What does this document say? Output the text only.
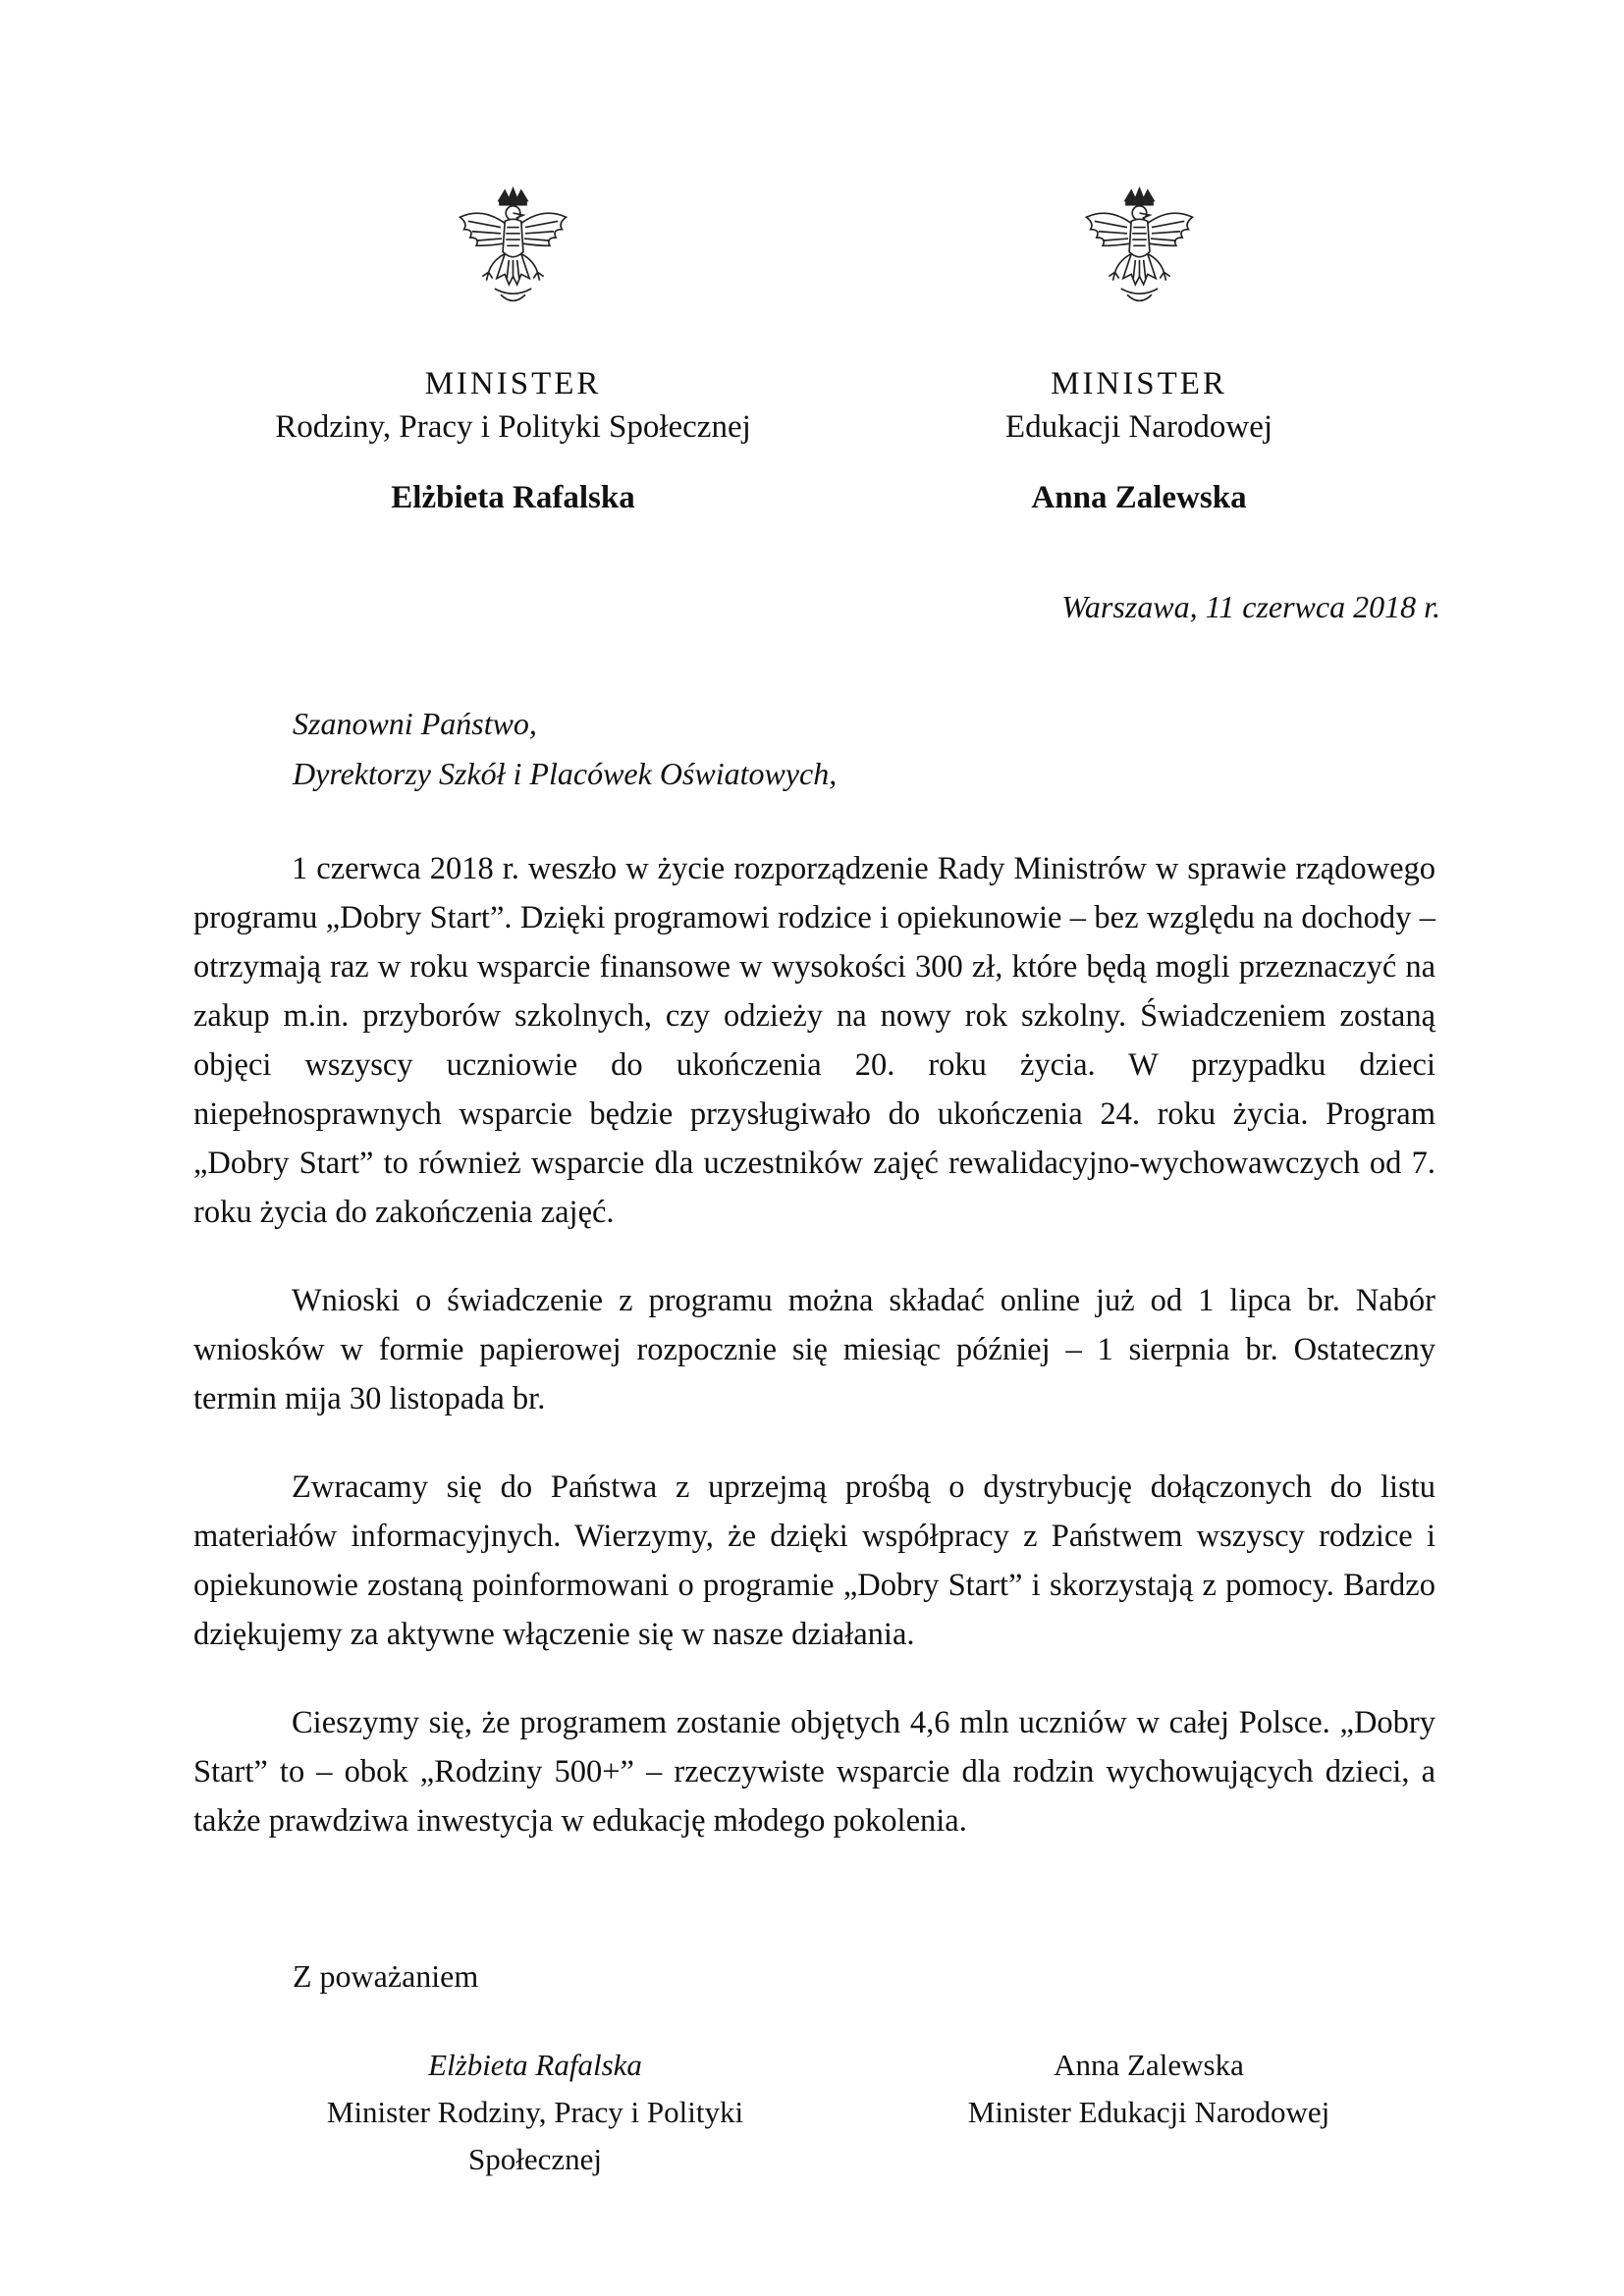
MINISTER
Rodziny, Pracy i Polityki Społecznej
Elżbieta Rafalska
MINISTER
Edukacji Narodowej
Anna Zalewska
Warszawa, 11 czerwca 2018 r.
Szanowni Państwo,
Dyrektorzy Szkół i Placówek Oświatowych,

1 czerwca 2018 r. weszło w życie rozporządzenie Rady Ministrów w sprawie rządowego programu „Dobry Start”. Dzięki programowi rodzice i opiekunowie – bez względu na dochody – otrzymają raz w roku wsparcie finansowe w wysokości 300 zł, które będą mogli przeznaczyć na zakup m.in. przyborów szkolnych, czy odzieży na nowy rok szkolny. Świadczeniem zostaną objęci wszyscy uczniowie do ukończenia 20. roku życia. W przypadku dzieci niepełnosprawnych wsparcie będzie przysługiwało do ukończenia 24. roku życia. Program „Dobry Start” to również wsparcie dla uczestników zajęć rewalidacyjno-wychowawczych od 7. roku życia do zakończenia zajęć.

Wnioski o świadczenie z programu można składać online już od 1 lipca br. Nabór wniosków w formie papierowej rozpocznie się miesiąc później – 1 sierpnia br. Ostateczny termin mija 30 listopada br.

Zwracamy się do Państwa z uprzejmą prośbą o dystrybucję dołączonych do listu materiałów informacyjnych. Wierzymy, że dzięki współpracy z Państwem wszyscy rodzice i opiekunowie zostaną poinformowani o programie „Dobry Start” i skorzystają z pomocy. Bardzo dziękujemy za aktywne włączenie się w nasze działania.

Cieszymy się, że programem zostanie objętych 4,6 mln uczniów w całej Polsce. „Dobry Start” to – obok „Rodziny 500+” – rzeczywiste wsparcie dla rodzin wychowujących dzieci, a także prawdziwa inwestycja w edukację młodego pokolenia.

Z poważaniem
Elżbieta Rafalska
Minister Rodziny, Pracy i Polityki
Społecznej
Anna Zalewska
Minister Edukacji Narodowej
